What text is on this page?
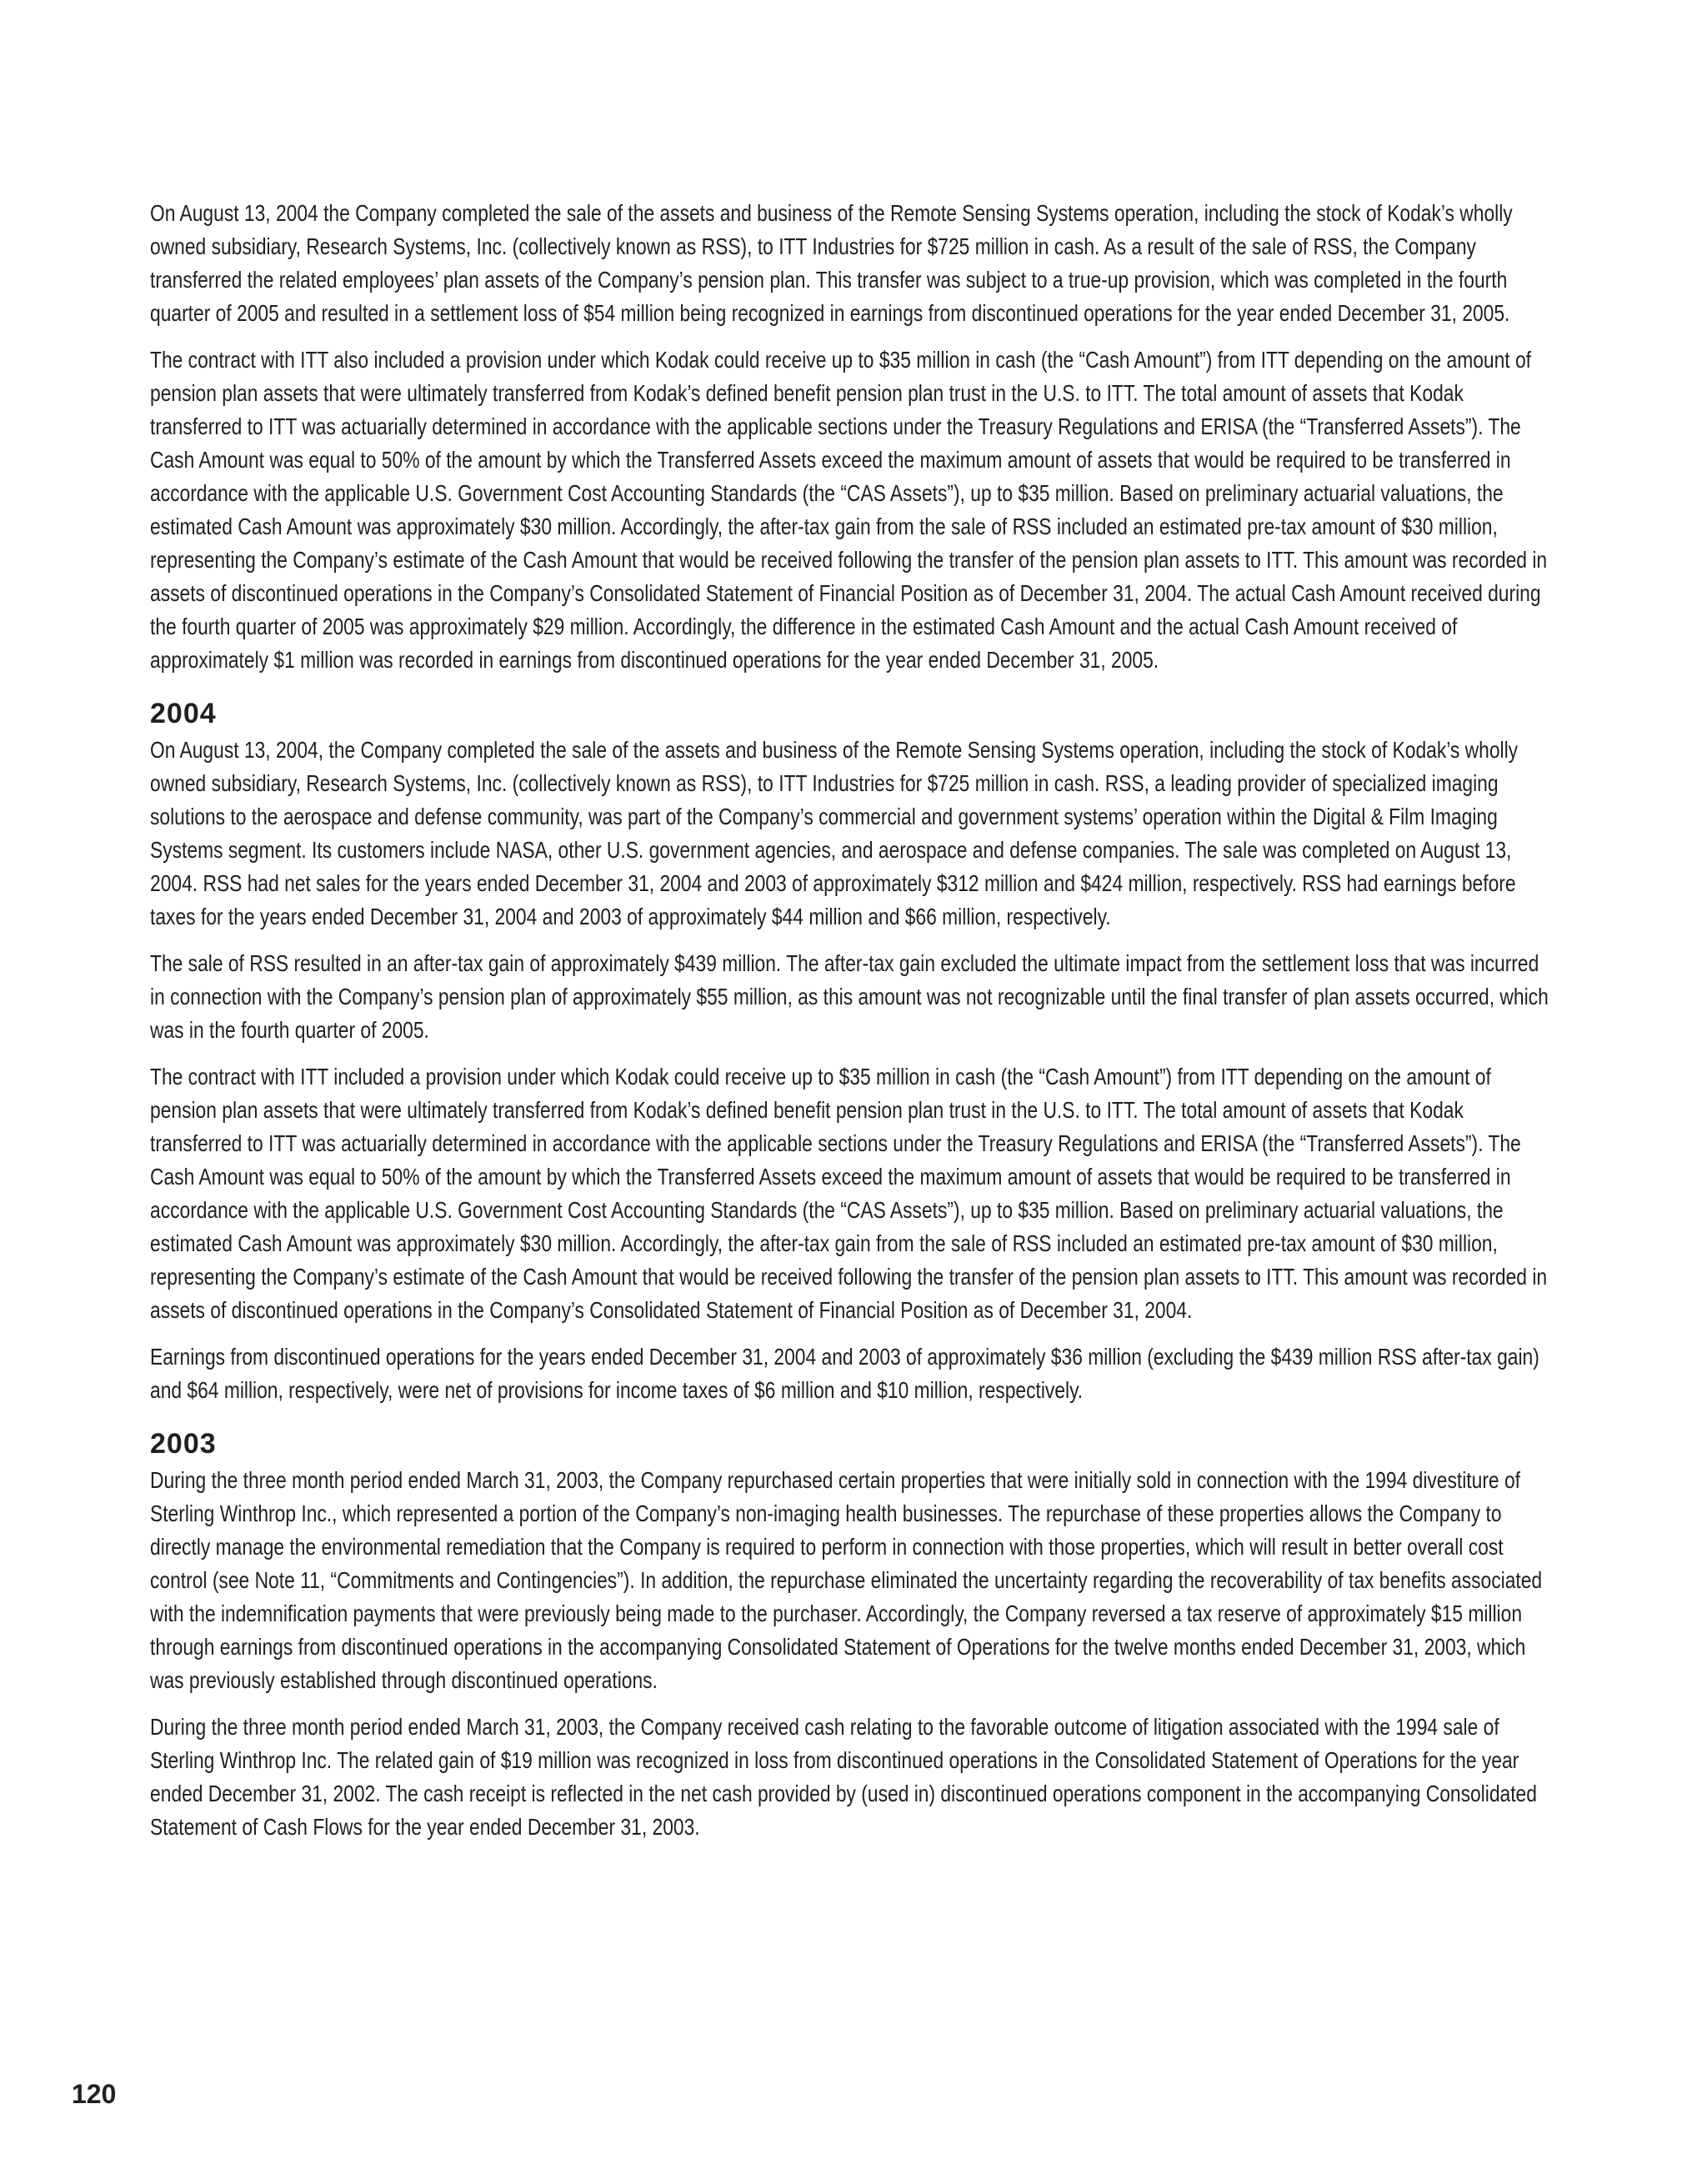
On August 13, 2004 the Company completed the sale of the assets and business of the Remote Sensing Systems operation, including the stock of Kodak’s wholly owned subsidiary, Research Systems, Inc. (collectively known as RSS), to ITT Industries for $725 million in cash. As a result of the sale of RSS, the Company transferred the related employees’ plan assets of the Company’s pension plan. This transfer was subject to a true-up provision, which was completed in the fourth quarter of 2005 and resulted in a settlement loss of $54 million being recognized in earnings from discontinued operations for the year ended December 31, 2005.

The contract with ITT also included a provision under which Kodak could receive up to $35 million in cash (the “Cash Amount”) from ITT depending on the amount of pension plan assets that were ultimately transferred from Kodak’s defined benefit pension plan trust in the U.S. to ITT. The total amount of assets that Kodak transferred to ITT was actuarially determined in accordance with the applicable sections under the Treasury Regulations and ERISA (the “Transferred Assets”). The Cash Amount was equal to 50% of the amount by which the Transferred Assets exceed the maximum amount of assets that would be required to be transferred in accordance with the applicable U.S. Government Cost Accounting Standards (the “CAS Assets”), up to $35 million. Based on preliminary actuarial valuations, the estimated Cash Amount was approximately $30 million. Accordingly, the after-tax gain from the sale of RSS included an estimated pre-tax amount of $30 million, representing the Company’s estimate of the Cash Amount that would be received following the transfer of the pension plan assets to ITT. This amount was recorded in assets of discontinued operations in the Company’s Consolidated Statement of Financial Position as of December 31, 2004. The actual Cash Amount received during the fourth quarter of 2005 was approximately $29 million. Accordingly, the difference in the estimated Cash Amount and the actual Cash Amount received of approximately $1 million was recorded in earnings from discontinued operations for the year ended December 31, 2005.

2004

On August 13, 2004, the Company completed the sale of the assets and business of the Remote Sensing Systems operation, including the stock of Kodak’s wholly owned subsidiary, Research Systems, Inc. (collectively known as RSS), to ITT Industries for $725 million in cash. RSS, a leading provider of specialized imaging solutions to the aerospace and defense community, was part of the Company’s commercial and government systems’ operation within the Digital & Film Imaging Systems segment. Its customers include NASA, other U.S. government agencies, and aerospace and defense companies. The sale was completed on August 13, 2004. RSS had net sales for the years ended December 31, 2004 and 2003 of approximately $312 million and $424 million, respectively. RSS had earnings before taxes for the years ended December 31, 2004 and 2003 of approximately $44 million and $66 million, respectively.

The sale of RSS resulted in an after-tax gain of approximately $439 million. The after-tax gain excluded the ultimate impact from the settlement loss that was incurred in connection with the Company’s pension plan of approximately $55 million, as this amount was not recognizable until the final transfer of plan assets occurred, which was in the fourth quarter of 2005.

The contract with ITT included a provision under which Kodak could receive up to $35 million in cash (the “Cash Amount”) from ITT depending on the amount of pension plan assets that were ultimately transferred from Kodak’s defined benefit pension plan trust in the U.S. to ITT. The total amount of assets that Kodak transferred to ITT was actuarially determined in accordance with the applicable sections under the Treasury Regulations and ERISA (the “Transferred Assets”). The Cash Amount was equal to 50% of the amount by which the Transferred Assets exceed the maximum amount of assets that would be required to be transferred in accordance with the applicable U.S. Government Cost Accounting Standards (the “CAS Assets”), up to $35 million. Based on preliminary actuarial valuations, the estimated Cash Amount was approximately $30 million. Accordingly, the after-tax gain from the sale of RSS included an estimated pre-tax amount of $30 million, representing the Company’s estimate of the Cash Amount that would be received following the transfer of the pension plan assets to ITT. This amount was recorded in assets of discontinued operations in the Company’s Consolidated Statement of Financial Position as of December 31, 2004.

Earnings from discontinued operations for the years ended December 31, 2004 and 2003 of approximately $36 million (excluding the $439 million RSS after-tax gain) and $64 million, respectively, were net of provisions for income taxes of $6 million and $10 million, respectively.

2003

During the three month period ended March 31, 2003, the Company repurchased certain properties that were initially sold in connection with the 1994 divestiture of Sterling Winthrop Inc., which represented a portion of the Company’s non-imaging health businesses. The repurchase of these properties allows the Company to directly manage the environmental remediation that the Company is required to perform in connection with those properties, which will result in better overall cost control (see Note 11, “Commitments and Contingencies”). In addition, the repurchase eliminated the uncertainty regarding the recoverability of tax benefits associated with the indemnification payments that were previously being made to the purchaser. Accordingly, the Company reversed a tax reserve of approximately $15 million through earnings from discontinued operations in the accompanying Consolidated Statement of Operations for the twelve months ended December 31, 2003, which was previously established through discontinued operations.

During the three month period ended March 31, 2003, the Company received cash relating to the favorable outcome of litigation associated with the 1994 sale of Sterling Winthrop Inc. The related gain of $19 million was recognized in loss from discontinued operations in the Consolidated Statement of Operations for the year ended December 31, 2002. The cash receipt is reflected in the net cash provided by (used in) discontinued operations component in the accompanying Consolidated Statement of Cash Flows for the year ended December 31, 2003.

120
